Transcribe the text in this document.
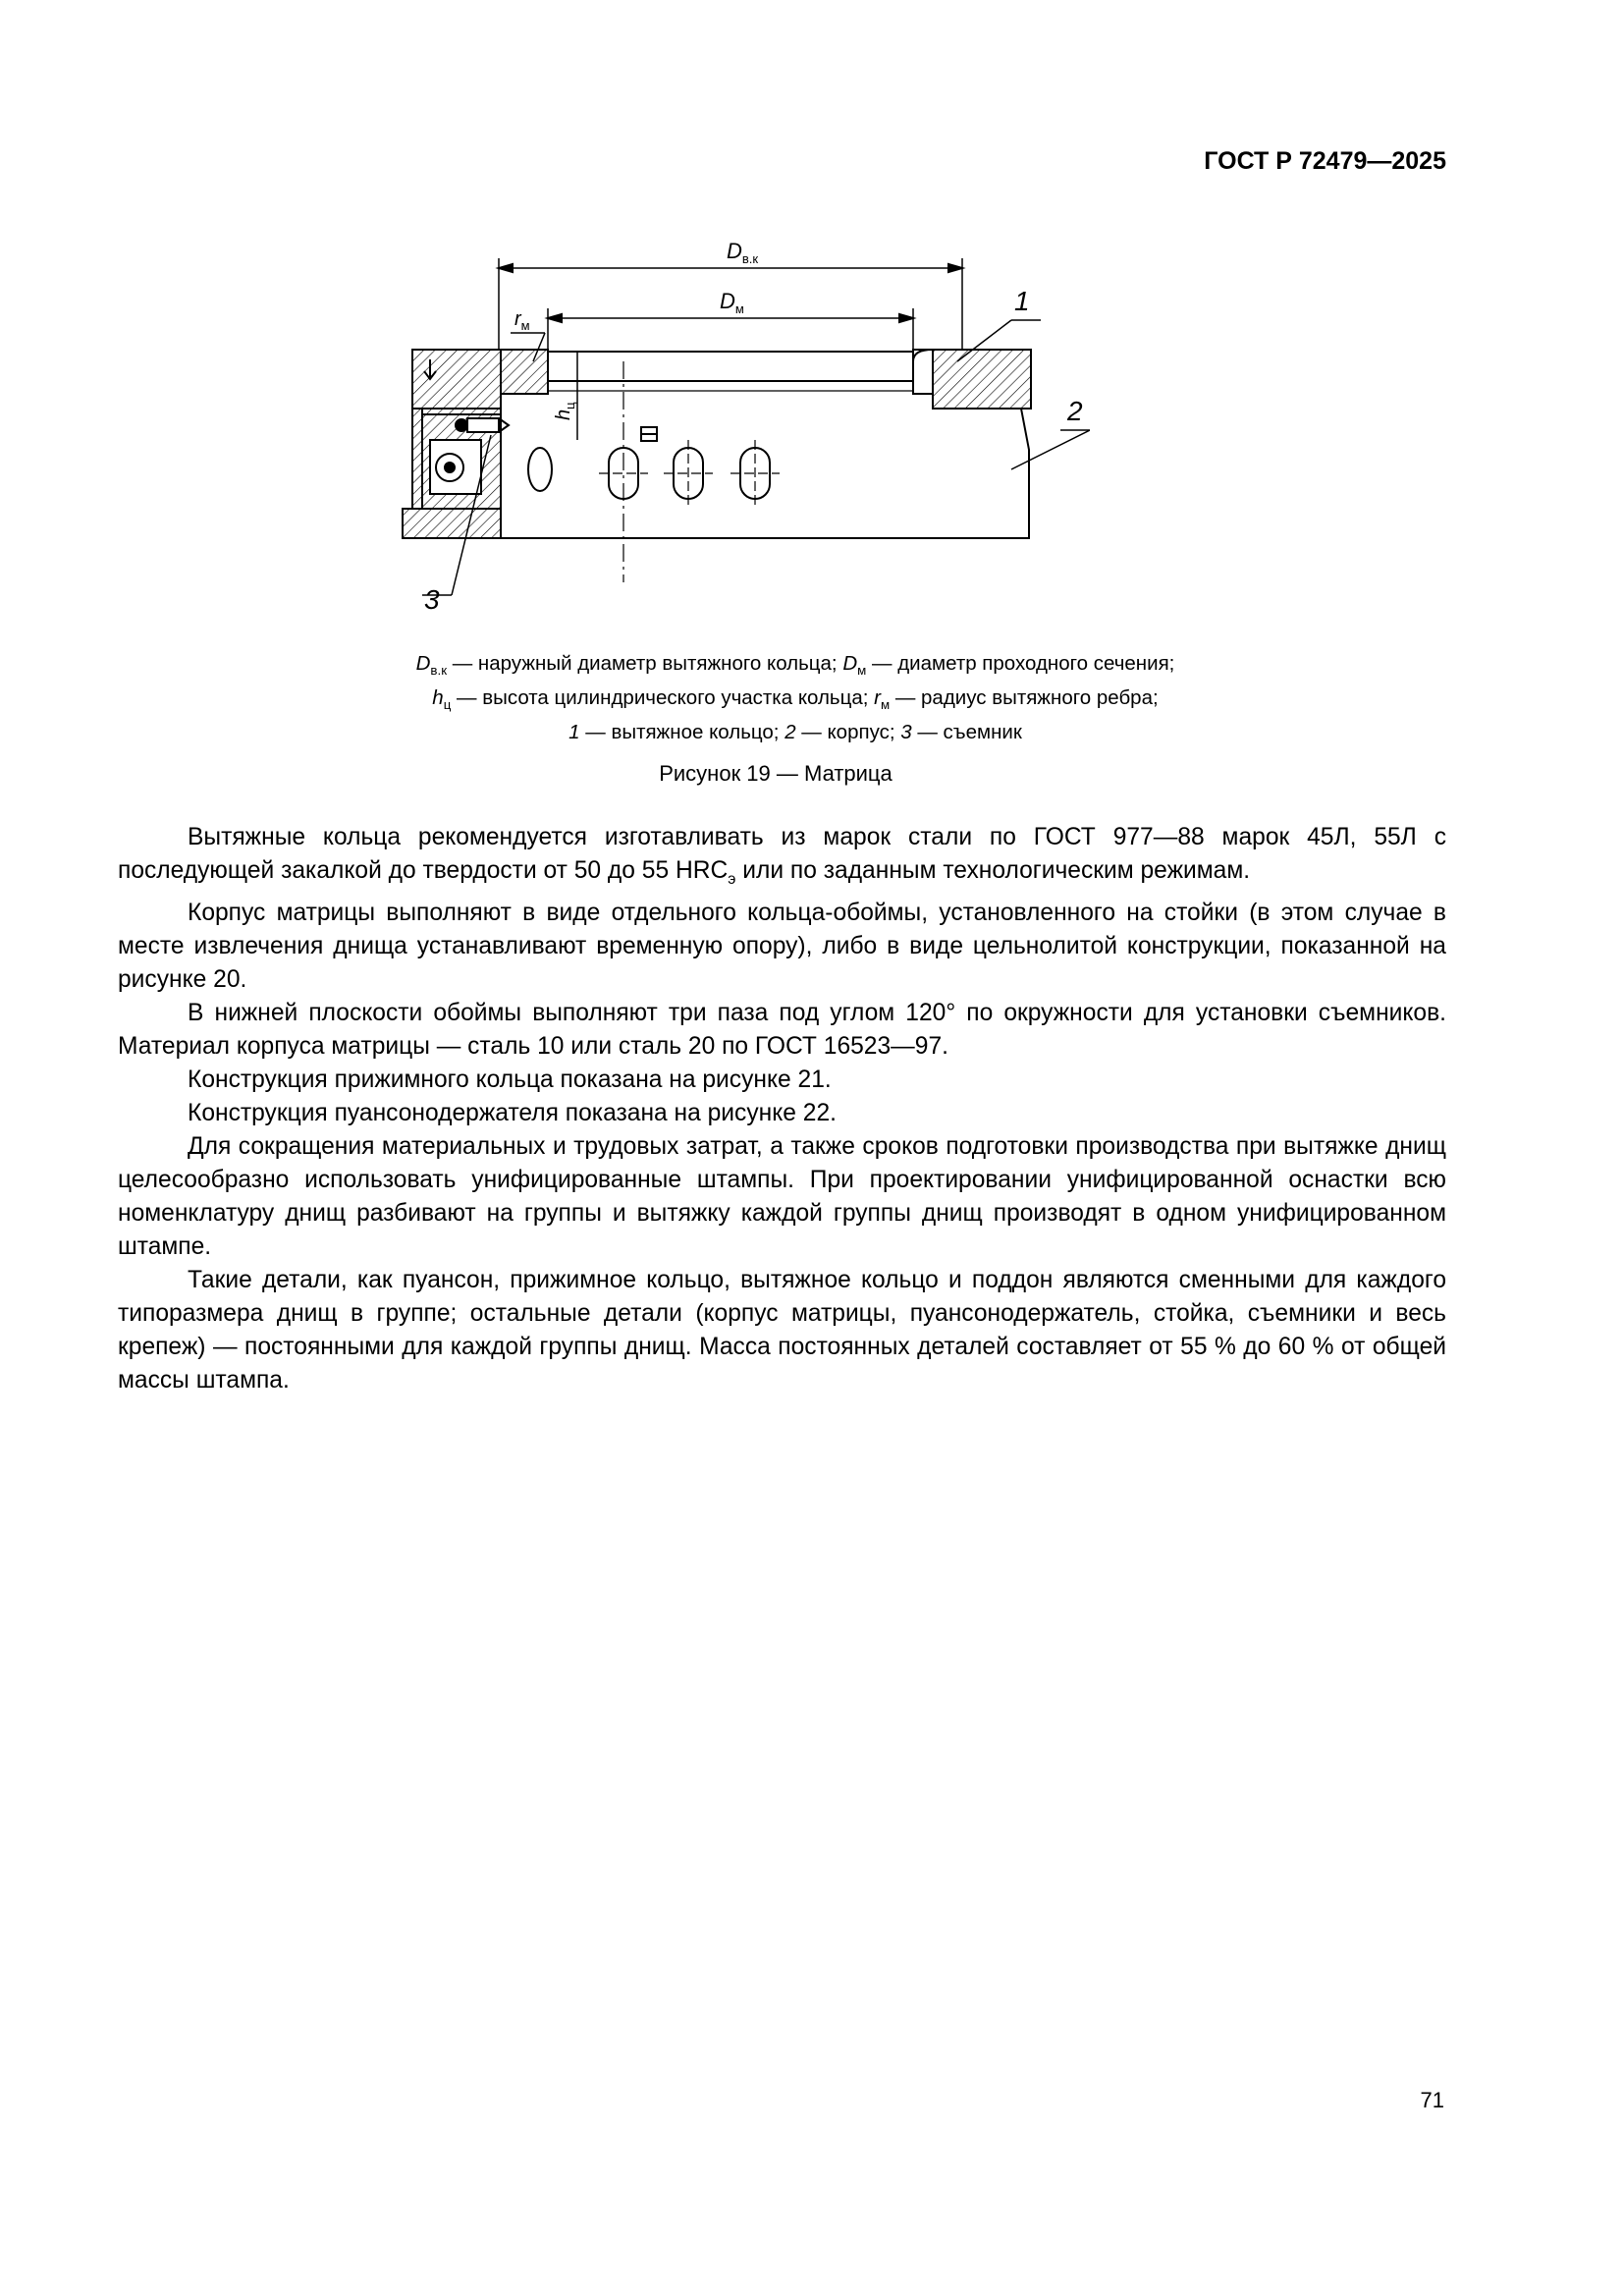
ГОСТ Р 72479—2025
$D_{в.к}$
$D_м$
$r_м$
$h_ц$
1
2
3
$D_{в.к}$ — наружный диаметр вытяжного кольца; $D_м$ — диаметр проходного сечения;
$h_ц$ — высота цилиндрического участка кольца; $r_м$ — радиус вытяжного ребра;
1 — вытяжное кольцо; 2 — корпус; 3 — съемник
Рисунок 19 — Матрица

Вытяжные кольца рекомендуется изготавливать из марок стали по ГОСТ 977—88 марок 45Л, 55Л с последующей закалкой до твердости от 50 до 55 $HRC_э$ или по заданным технологическим режимам.

Корпус матрицы выполняют в виде отдельного кольца-обоймы, установленного на стойки (в этом случае в месте извлечения днища устанавливают временную опору), либо в виде цельнолитой конструкции, показанной на рисунке 20.

В нижней плоскости обоймы выполняют три паза под углом 120° по окружности для установки съемников. Материал корпуса матрицы — сталь 10 или сталь 20 по ГОСТ 16523—97.

Конструкция прижимного кольца показана на рисунке 21.

Конструкция пуансонодержателя показана на рисунке 22.

Для сокращения материальных и трудовых затрат, а также сроков подготовки производства при вытяжке днищ целесообразно использовать унифицированные штампы. При проектировании унифицированной оснастки всю номенклатуру днищ разбивают на группы и вытяжку каждой группы днищ производят в одном унифицированном штампе.

Такие детали, как пуансон, прижимное кольцо, вытяжное кольцо и поддон являются сменными для каждого типоразмера днищ в группе; остальные детали (корпус матрицы, пуансонодержатель, стойка, съемники и весь крепеж) — постоянными для каждой группы днищ. Масса постоянных деталей составляет от 55 % до 60 % от общей массы штампа.

71
